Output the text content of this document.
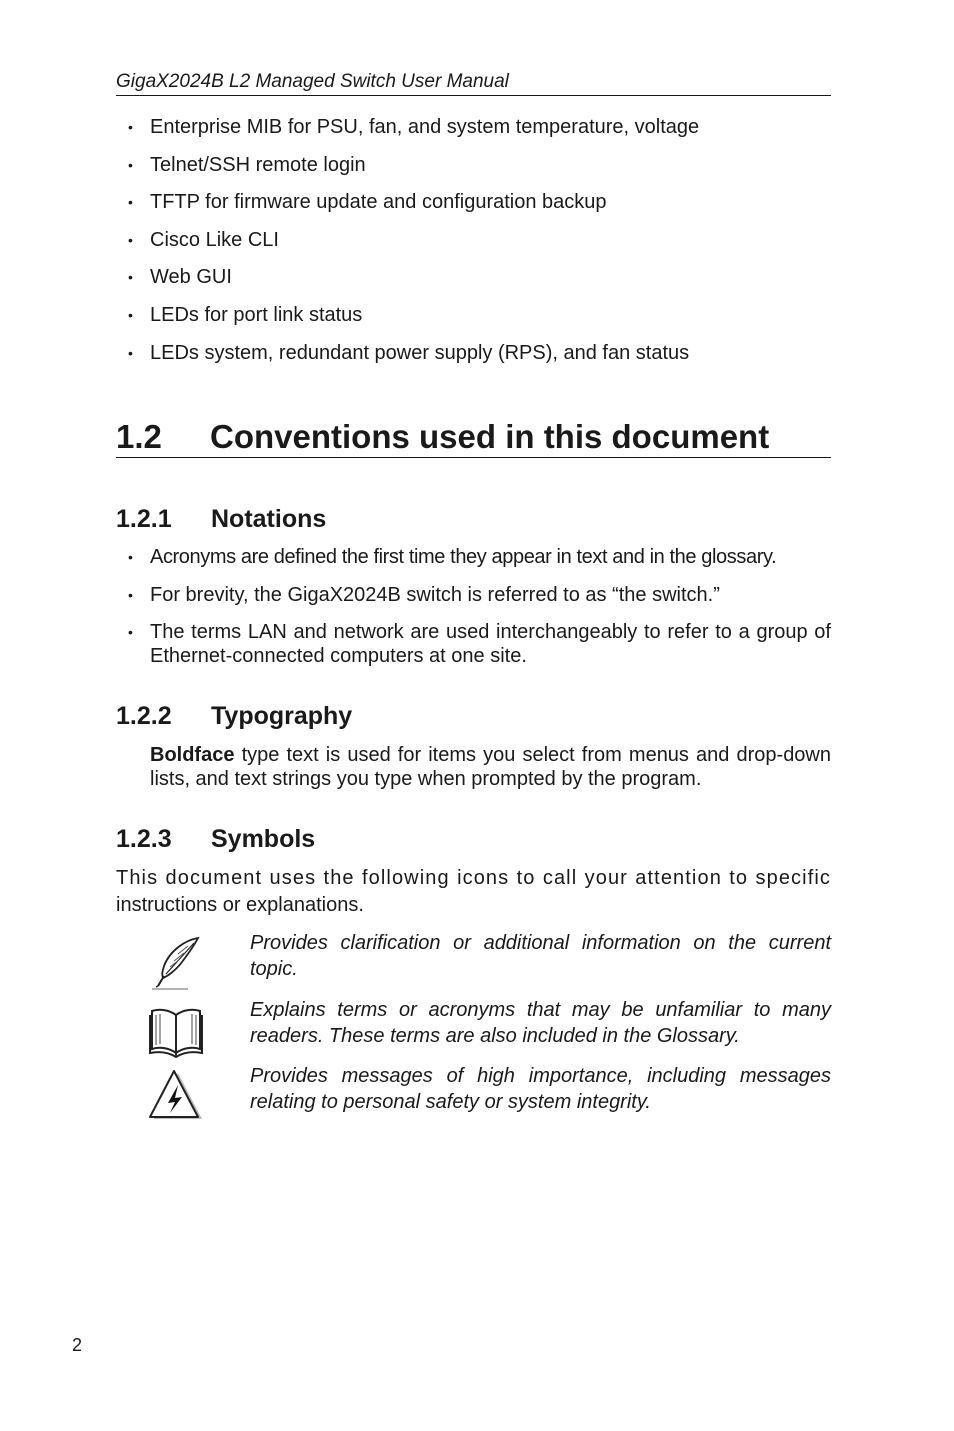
GigaX2024B L2 Managed Switch User Manual
• Enterprise MIB for PSU, fan, and system temperature, voltage
• Telnet/SSH remote login
• TFTP for firmware update and configuration backup
• Cisco Like CLI
• Web GUI
• LEDs for port link status
• LEDs system, redundant power supply (RPS), and fan status
1.2 Conventions used in this document
1.2.1 Notations
• Acronyms are defined the first time they appear in text and in the glossary.
• For brevity, the GigaX2024B switch is referred to as “the switch.”
• The terms LAN and network are used interchangeably to refer to a group of Ethernet-connected computers at one site.
1.2.2 Typography
Boldface type text is used for items you select from menus and drop-down lists, and text strings you type when prompted by the program.
1.2.3 Symbols
This document uses the following icons to call your attention to specific
instructions or explanations.
Provides clarification or additional information on the current topic.
Explains terms or acronyms that may be unfamiliar to many readers. These terms are also included in the Glossary.
Provides messages of high importance, including messages relating to personal safety or system integrity.
2
